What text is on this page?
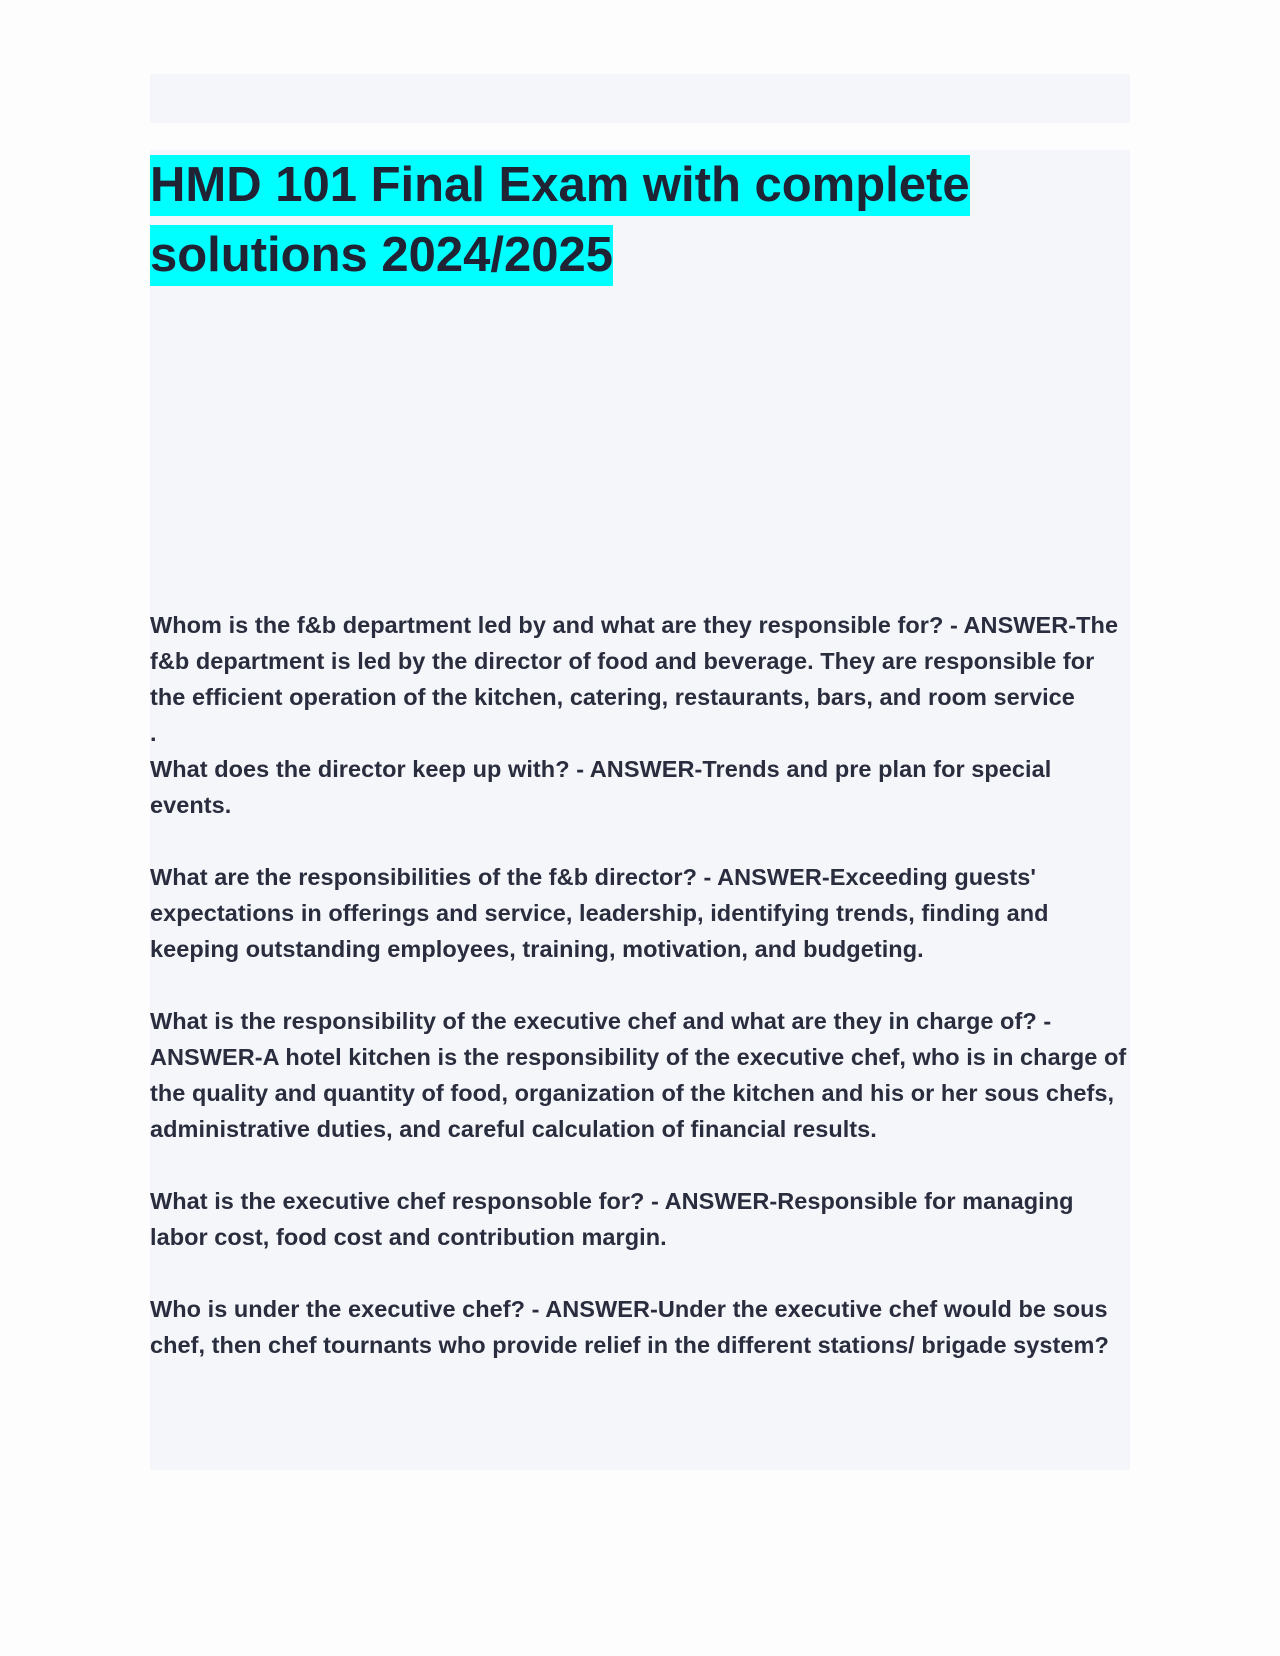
HMD 101 Final Exam with complete
solutions 2024/2025

Whom is the f&b department led by and what are they responsible for? - ANSWER-The f&b department is led by the director of food and beverage. They are responsible for the efficient operation of the kitchen, catering, restaurants, bars, and room service

.

What does the director keep up with? - ANSWER-Trends and pre plan for special events.

What are the responsibilities of the f&b director? - ANSWER-Exceeding guests' expectations in offerings and service, leadership, identifying trends, finding and keeping outstanding employees, training, motivation, and budgeting.

What is the responsibility of the executive chef and what are they in charge of? - ANSWER-A hotel kitchen is the responsibility of the executive chef, who is in charge of the quality and quantity of food, organization of the kitchen and his or her sous chefs, administrative duties, and careful calculation of financial results.

What is the executive chef responsoble for? - ANSWER-Responsible for managing labor cost, food cost and contribution margin.

Who is under the executive chef? - ANSWER-Under the executive chef would be sous chef, then chef tournants who provide relief in the different stations/ brigade system?
